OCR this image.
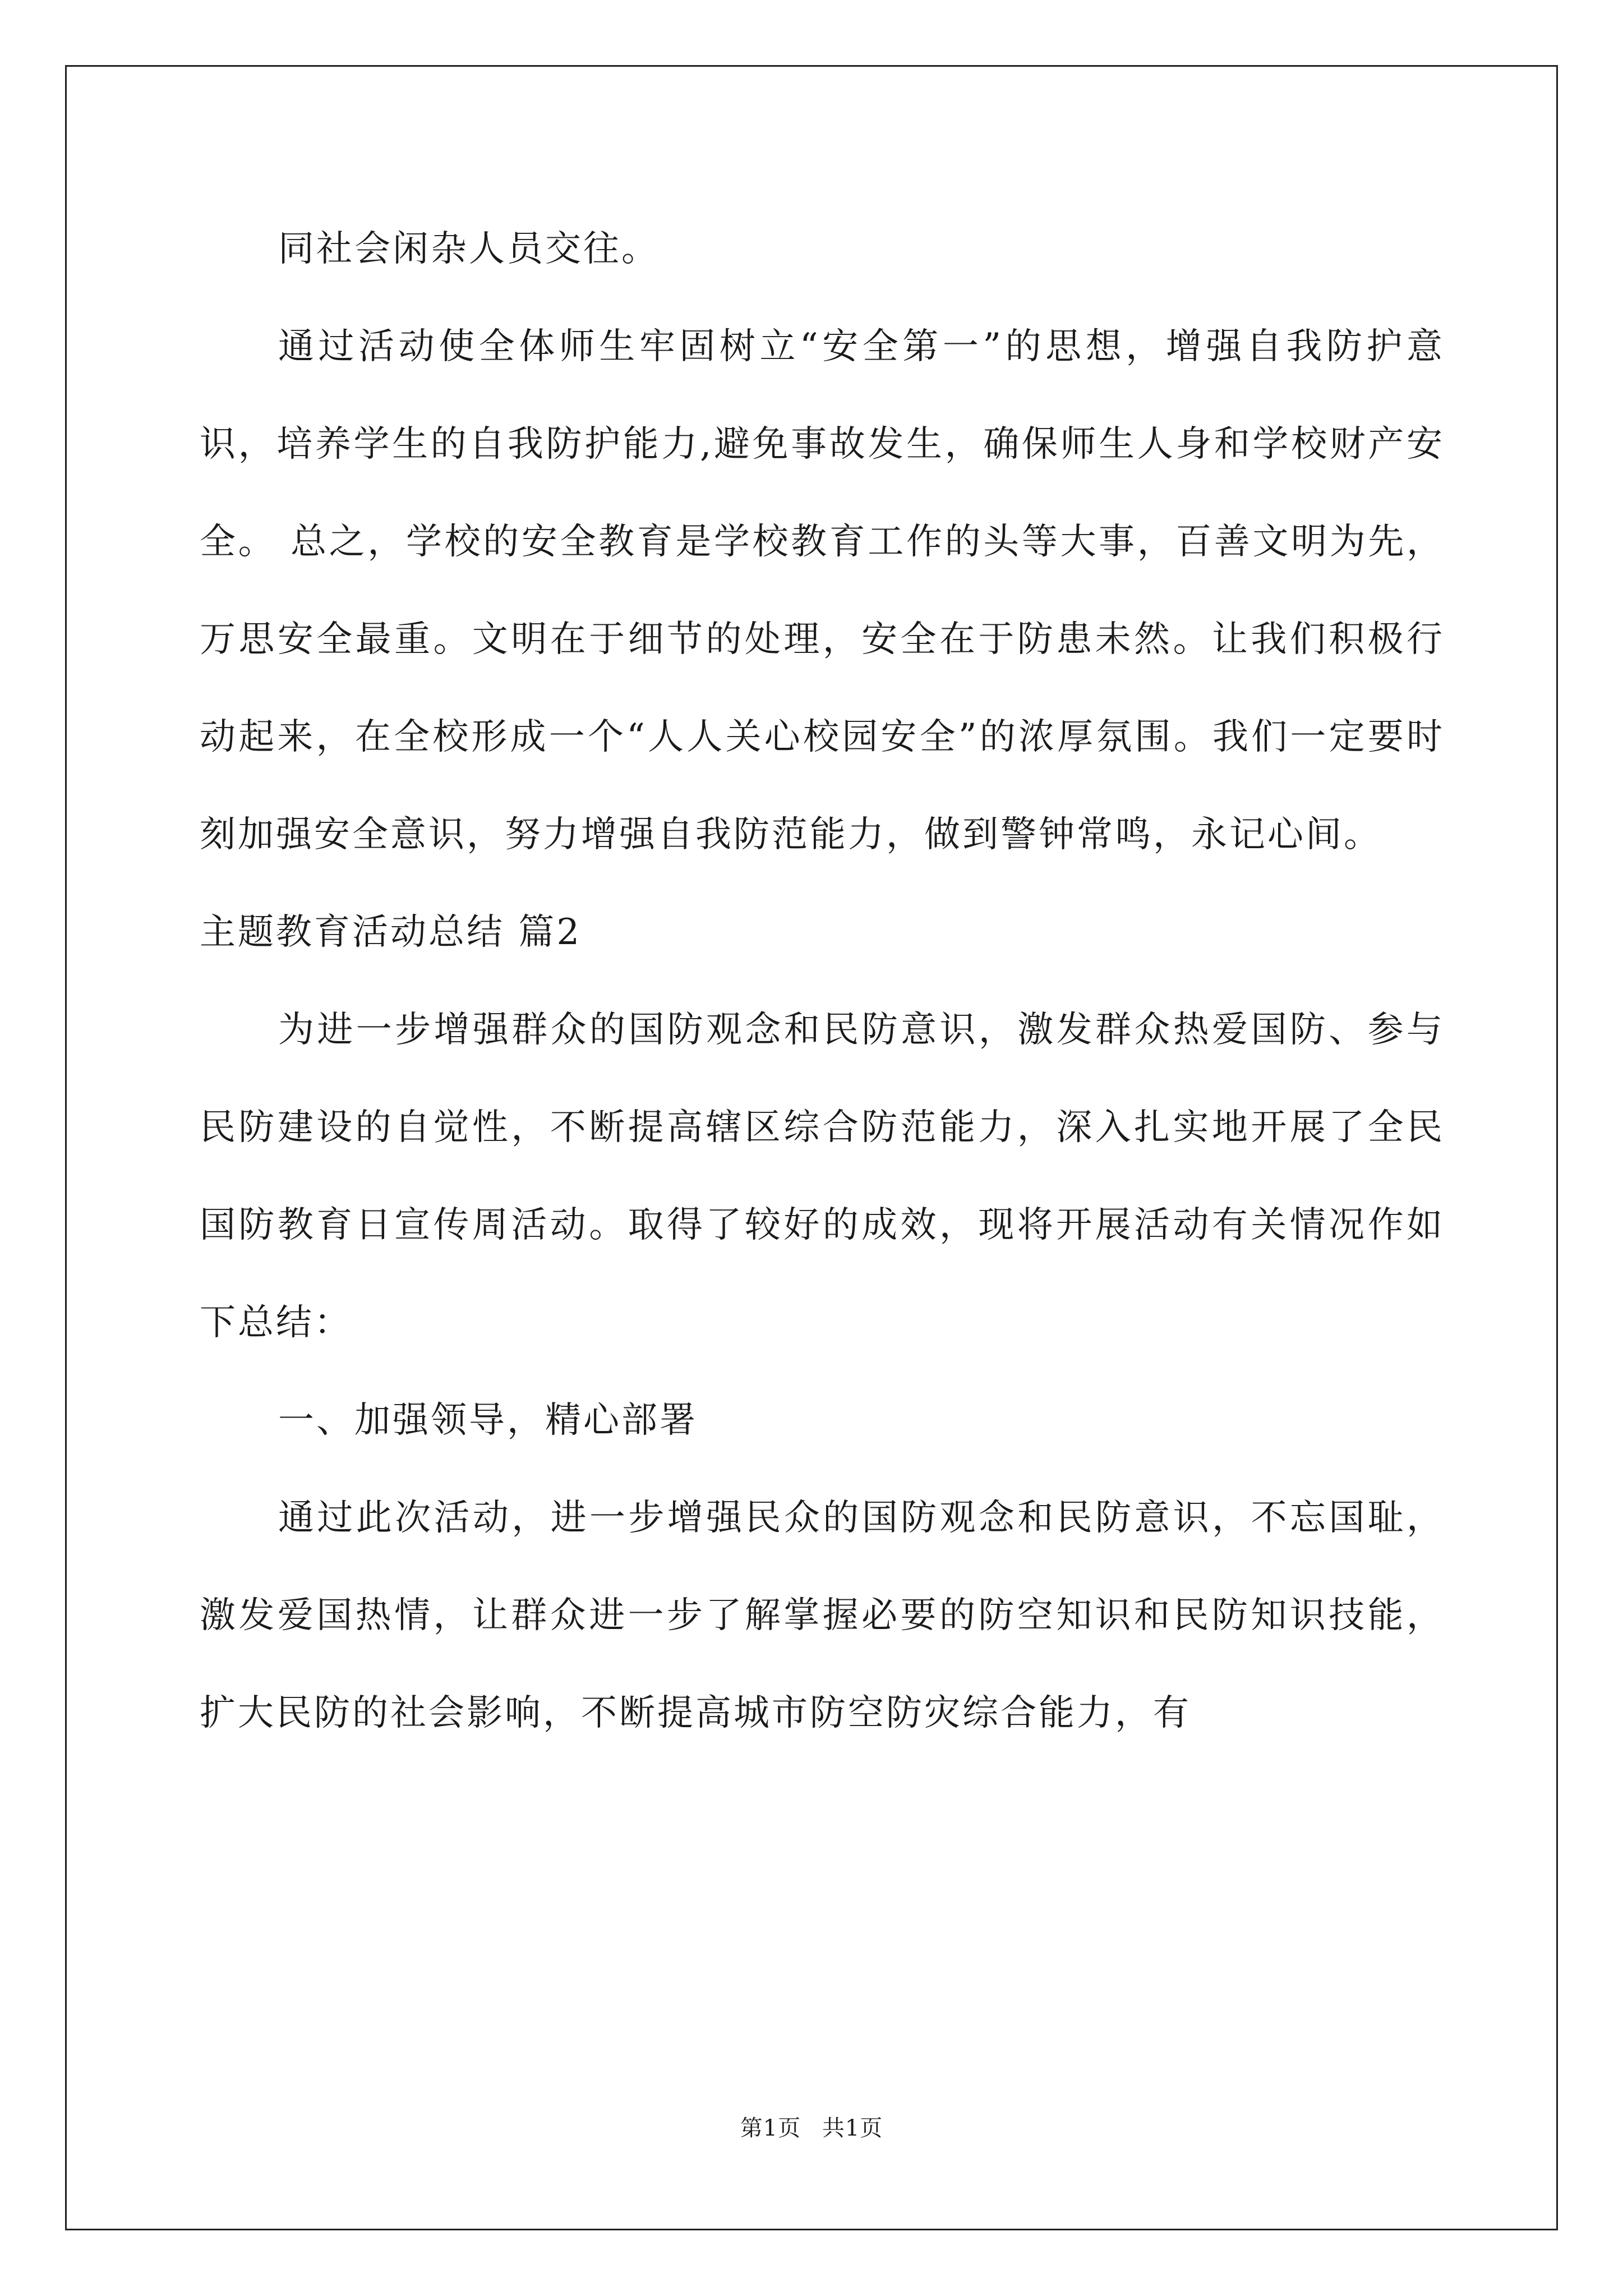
同社会闲杂人员交往。

通过活动使全体师生牢固树立“安全第一”的思想，增强自我防护意识，培养学生的自我防护能力,避免事故发生，确保师生人身和学校财产安全。 总之，学校的安全教育是学校教育工作的头等大事，百善文明为先，万思安全最重。文明在于细节的处理，安全在于防患未然。让我们积极行动起来，在全校形成一个“人人关心校园安全”的浓厚氛围。我们一定要时刻加强安全意识，努力增强自我防范能力，做到警钟常鸣，永记心间。

主题教育活动总结 篇2

为进一步增强群众的国防观念和民防意识，激发群众热爱国防、参与民防建设的自觉性，不断提高辖区综合防范能力，深入扎实地开展了全民国防教育日宣传周活动。取得了较好的成效，现将开展活动有关情况作如下总结：

一、加强领导，精心部署

通过此次活动，进一步增强民众的国防观念和民防意识，不忘国耻，激发爱国热情，让群众进一步了解掌握必要的防空知识和民防知识技能，扩大民防的社会影响，不断提高城市防空防灾综合能力，有

第1页 共1页
